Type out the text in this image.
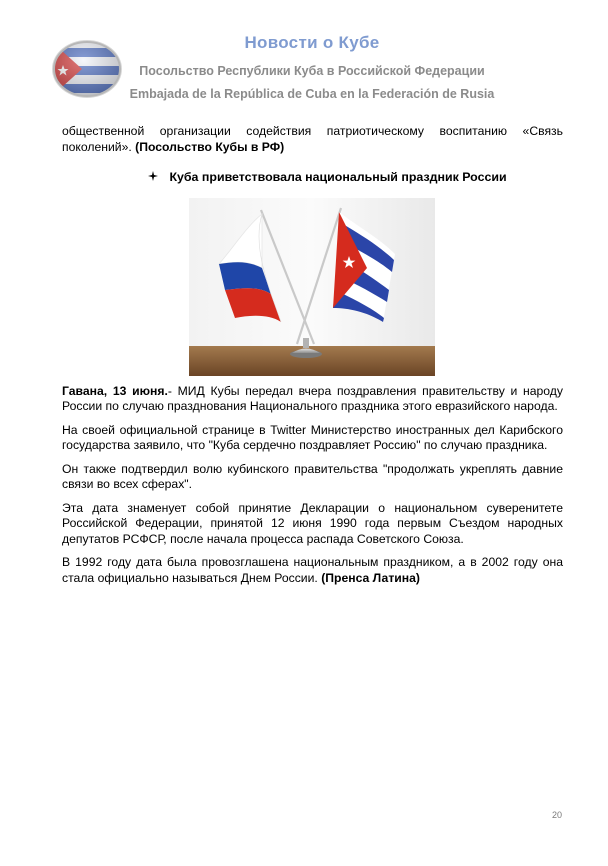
Новости о Кубе
Посольство Республики Куба в Российской Федерации
Embajada de la República de Cuba en la Federación de Rusia

общественной организации содействия патриотическому воспитанию «Связь поколений». (Посольство Кубы в РФ)

Куба приветствовала национальный праздник России

Гавана, 13 июня.- МИД Кубы передал вчера поздравления правительству и народу России по случаю празднования Национального праздника этого евразийского народа.

На своей официальной странице в Twitter Министерство иностранных дел Карибского государства заявило, что "Куба сердечно поздравляет Россию" по случаю праздника.

Он также подтвердил волю кубинского правительства "продолжать укреплять давние связи во всех сферах".

Эта дата знаменует собой принятие Декларации о национальном суверенитете Российской Федерации, принятой 12 июня 1990 года первым Съездом народных депутатов РСФСР, после начала процесса распада Советского Союза.

В 1992 году дата была провозглашена национальным праздником, а в 2002 году она стала официально называться Днем России. (Пренса Латина)

20
